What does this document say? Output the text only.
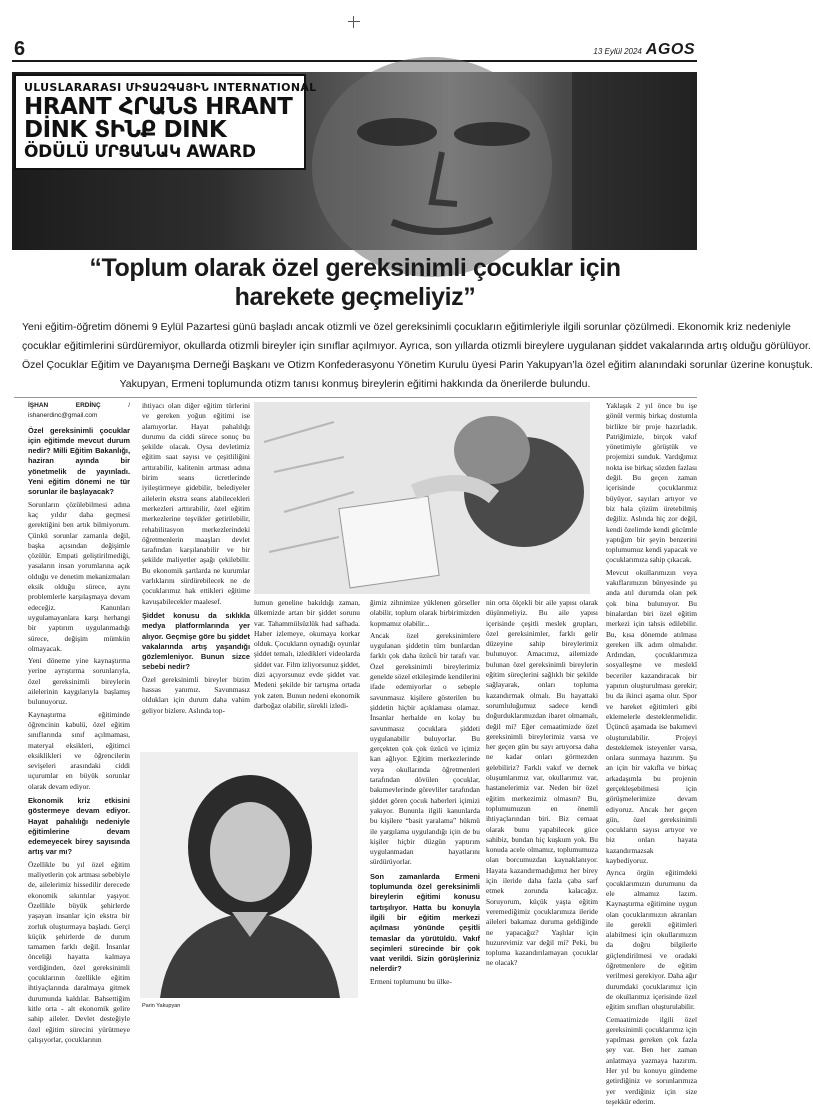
6	13 Eylül 2024 AGOS
ULUSLARARASI ՄԻՋԱԶԳԱՅԻՆ INTERNATIONAL
HRANT ՀՐԱՆՏ HRANT
DİNK ՏԻՆՔ DINK
ÖDÜLÜ ՄՐՑԱՆԱԿ AWARD
“Toplum olarak özel gereksinimli çocuklar için harekete geçmeliyiz”

Yeni eğitim-öğretim dönemi 9 Eylül Pazartesi günü başladı ancak otizmli ve özel gereksinimli çocukların eğitimleriyle ilgili sorunlar çözülmedi. Ekonomik kriz nedeniyle

çocuklar eğitimlerini sürdüremiyor, okullarda otizmli bireyler için sınıflar açılmıyor. Ayrıca, son yıllarda otizmli bireylere uygulanan şiddet vakalarında artış olduğu görülüyor.

Özel Çocuklar Eğitim ve Dayanışma Derneği Başkanı ve Otizm Konfederasyonu Yönetim Kurulu üyesi Parin Yakupyan’la özel eğitim alanındaki sorunlar üzerine konuştuk.

Yakupyan, Ermeni toplumunda otizm tanısı konmuş bireylerin eğitimi hakkında da önerilerde bulundu.

İŞHAN ERDİNÇ	/ ishanerdinc@gmail.com

Özel gereksinimli çocuklar için eğitimde mevcut durum nedir? Milli Eğitim Bakanlığı, haziran ayında bir yönetmelik de yayınladı. Yeni eğitim dönemi ne tür sorunlar ile başlayacak?

Sorunların çözülebilmesi adına kaç yıldır daha geçmesi gerektiğini ben artık bilmiyorum. Çünkü sorunlar zamanla değil, başka açısından değişimle çözülür. Empati geliştirilmediği, yasaların insan yorumlarına açık olduğu ve denetim mekanizmaları eksik olduğu sürece, aynı problemlerle karşılaşmaya devam edeceğiz. Kanunları uygulamayanlara karşı herhangi bir yaptırım uygulanmadığı sürece, değişim mümkün olmayacak.

Yeni döneme yine kaynaştırma yerine ayrıştırma sorunlarıyla, özel gereksinimli bireylerin ailelerinin kaygılarıyla başlamış bulunuyoruz.

Kaynaştırma eğitiminde öğrencinin kabulü, özel eğitim sınıflarında sınıf açılmaması, materyal eksikleri, eğitimci eksiklikleri ve öğrencilerin sevişeleri arasındaki ciddi uçurumlar en büyük sorunlar olarak devam ediyor.

Ekonomik kriz etkisini göstermeye devam ediyor. Hayat pahalılığı nedeniyle eğitimlerine devam edemeyecek birey sayısında artış var mı?

Özellikle bu yıl özel eğitim maliyetlerin çok artması sebebiyle de, ailelerimiz hissedilir derecede ekonomik sıkıntılar yaşıyor. Özellikle büyük şehirlerde yaşayan insanlar için ekstra bir zorluk oluşturmaya başladı. Gerçi küçük şehirlerde de durum tamamen farklı değil. İnsanlar önceliği hayatta kalmaya verdiğinden, özel gereksinimli çocuklarının özellikle eğitim ihtiyaçlarında daralmaya gitmek durumunda kaldılar. Bahsettiğim kitle orta - alt ekonomik gelire sahip aileler. Devlet desteğiyle özel eğitim sürecini yürütmeye çalışıyorlar, çocuklarının

ihtiyacı olan diğer eğitim türlerini ve gereken yoğun eğitimi ise alamıyorlar. Hayat pahalılığı durumu da ciddi sürece sonuç bu şekilde olacak. Oysa devletimiz eğitim saat sayısı ve çeşitliliğini arttırabilir, kalitenin artması adına birim seans ücretlerinde iyileştirmeye gidebilir, belediyeler ailelerin ekstra seans alabilecekleri merkezleri arttırabilir, özel eğitim merkezlerine teşvikler getirilebilir, rehabilitasyon merkezlerindeki öğretmenlerin maaşları devlet tarafından karşılanabilir ve bir şekilde maliyetler aşağı çekilebilir. Bu ekonomik şartlarda ne kurumlar varlıklarını sürdürebilecek ne de çocuklarımız hak ettikleri eğitime kavuşabilecekler maalesef.

Şiddet konusu da sıklıkla medya platformlarında yer alıyor. Geçmişe göre bu şiddet vakalarında artış yaşandığı gözlemleniyor. Bunun sizce sebebi nedir?

Özel gereksinimli bireyler bizim hassas yanımız. Savunmasız oldukları için durum daha vahim geliyor bizlere. Aslında top-

lumun geneline bakıldığı zaman, ülkemizde artan bir şiddet sorunu var. Tahammülsüzlük had safhada. Haber izlemeye, okumaya korkar olduk. Çocukların oynadığı oyunlar şiddet temalı, izledikleri videolarda şiddet var. Film izliyorsunuz şiddet, dizi açıyorsunuz evde şiddet var. Medeni şekilde bir tartışma ortada yok zaten. Bunun nedeni ekonomik darboğaz olabilir, sürekli izledi-

ğimiz zihnimize yüklenen görseller olabilir, toplum olarak birbirimizden kopmamız olabilir...

Ancak özel gereksinimlere uygulanan şiddetin tüm bunlardan farklı çok daha üzücü bir tarafı var. Özel gereksinimli bireylerimiz genelde sözel etkileşimde kendilerini ifade edemiyorlar o sebeple savunmasız kişilere gösterilen bu şiddetin hiçbir açıklaması olamaz. İnsanlar herhalde en kolay bu savunmasız çocuklara şiddeti uygulanabilir buluyorlar. Bu gerçekten çok çok üzücü ve içimiz kan ağlıyor. Eğitim merkezlerinde veya okullarında öğretmenleri tarafından dövülen çocuklar, bakımevlerinde görevliler tarafından şiddet gören çocuk haberleri içimizi yakıyor. Bununla ilgili kanunlarda bu kişilere “basit yaralama” hükmü ile yargılama uygulandığı için de bu kişiler hiçbir düzgün yaptırım uygulanmadan hayatlarını sürdürüyorlar.

Son zamanlarda Ermeni toplumunda özel gereksinimli bireylerin eğitimi konusu tartışılıyor. Hatta bu konuyla ilgili bir eğitim merkezi açılması yönünde çeşitli temaslar da yürütüldü. Vakıf seçimleri sürecinde bir çok vaat verildi. Sizin görüşleriniz nelerdir?

Ermeni toplumunu bu ülke-

nin orta ölçekli bir aile yapısı olarak düşünmeliyiz. Bu aile yapısı içerisinde çeşitli meslek grupları, özel gereksinimler, farklı gelir düzeyine sahip bireylerimiz bulunuyor. Amacımız, ailemizde bulunan özel gereksinimli bireylerin eğitim süreçlerini sağlıklı bir şekilde sağlayarak, onları topluma kazandırmak olmalı. Bu hayattaki sorumluluğumuz sadece kendi doğurduklarımızdan ibaret olmamalı, değil mi? Eğer cemaatimizde özel gereksinimli bireylerimiz varsa ve her geçen gün bu sayı artıyorsa daha ne kadar onları görmezden gelebiliriz? Farklı vakıf ve dernek oluşumlarımız var, okullarımız var, hastanelerimiz var. Neden bir özel eğitim merkezimiz olmasın? Bu, toplumumuzun en önemli ihtiyaçlarından biri. Biz cemaat olarak bunu yapabilecek güce sahibiz, bundan hiç kuşkum yok. Bu konuda acele olmamız, toplumumuza olan borcumuzdan kaynaklanıyor. Hayata kazandırmadığımız her birey için ileride daha fazla çaba sarf etmek zorunda kalacağız. Soruyorum, küçük yaşta eğitim veremediğimiz çocuklarımıza ileride aileleri bakamaz duruma geldiğinde ne yapacağız? Yaşlılar için huzurevimiz var değil mi? Peki, bu topluma kazandırılamayan çocuklar ne olacak?

Yaklaşık 2 yıl önce bu işe gönül vermiş birkaç dostumla birlikte bir proje hazırladık. Patriğimizle, birçok vakıf yönetimiyle görüştük ve projemizi sunduk. Vardığımız nokta ise birkaç sözden fazlası değil. Bu geçen zaman içerisinde çocuklarımız büyüyor, sayıları artıyor ve biz hala çözüm üretebilmiş değiliz. Aslında hiç zor değil, kendi özelimde kendi gücümle yaptığım bir şeyin benzerini toplumumuz kendi yapacak ve çocuklarımıza sahip çıkacak.

Mevcut okullarımızın veya vakıflarımızın bünyesinde şu anda atıl durumda olan pek çok bina bulunuyor. Bu binalardan biri özel eğitim merkezi için tahsis edilebilir. Bu, kısa dönemde atılması gereken ilk adım olmalıdır. Ardından, çocuklarımıza sosyalleşme ve meslekî beceriler kazandıracak bir yapının oluşturulması gerekir; bu da ikinci aşama olur. Spor ve hareket eğitimleri gibi eklemelerle desteklenmelidir. Üçüncü aşamada ise bakımevi oluşturulabilir. Projeyi desteklemek isteyenler varsa, onlara sunmaya hazırım. Şu an için bir vakıfla ve birkaç arkadaşımla bu projenin gerçekleşebilmesi için görüşmelerimize devam ediyoruz. Ancak her geçen gün, özel gereksinimli çocukların sayısı artıyor ve biz onları hayata kazandırmazsak kaybediyoruz.

Ayrıca örgün eğitimdeki çocuklarımızın durumunu da ele almamız lazım. Kaynaştırma eğitimine uygun olan çocuklarımızın akranları ile gerekli eğitimleri alabilmesi için okullarımızın da doğru bilgilerle güçlendirilmesi ve oradaki öğretmenlere de eğitim verilmesi gerekiyor. Daha ağır durumdaki çocuklarımız için de okullarımız içerisinde özel eğitim sınıfları oluşturulabilir.

Cemaatimizde ilgili özel gereksinimli çocuklarımız için yapılması gereken çok fazla şey var. Ben her zaman anlatmaya yazmaya hazırım. Her yıl bu konuyu gündeme getirdiğiniz ve sorunlarımıza yer verdiğiniz için size teşekkür ederim.

Parin Yakupyan
